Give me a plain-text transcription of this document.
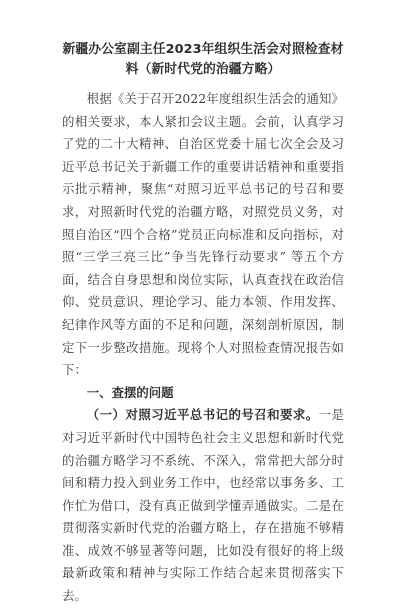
新疆办公室副主任2023年组织生活会对照检查材料（新时代党的治疆方略）

根据《关于召开2022年度组织生活会的通知》的相关要求，本人紧扣会议主题。会前，认真学习了党的二十大精神、自治区党委十届七次全会及习近平总书记关于新疆工作的重要讲话精神和重要指示批示精神，聚焦“对照习近平总书记的号召和要求，对照新时代党的治疆方略，对照党员义务，对照自治区“四个合格”党员正向标准和反向指标，对照“三学三亮三比”争当先锋行动要求” 等五个方面，结合自身思想和岗位实际，认真查找在政治信仰、党员意识、理论学习、能力本领、作用发挥、纪律作风等方面的不足和问题，深刻剖析原因，制定下一步整改措施。现将个人对照检查情况报告如下：

一、查摆的问题

（一）对照习近平总书记的号召和要求。一是对习近平新时代中国特色社会主义思想和新时代党的治疆方略学习不系统、不深入，常常把大部分时间和精力投入到业务工作中，也经常以事务多、工作忙为借口，没有真正做到学懂弄通做实。二是在贯彻落实新时代党的治疆方略上，存在措施不够精准、成效不够显著等问题，比如没有很好的将上级最新政策和精神与实际工作结合起来贯彻落实下去。
